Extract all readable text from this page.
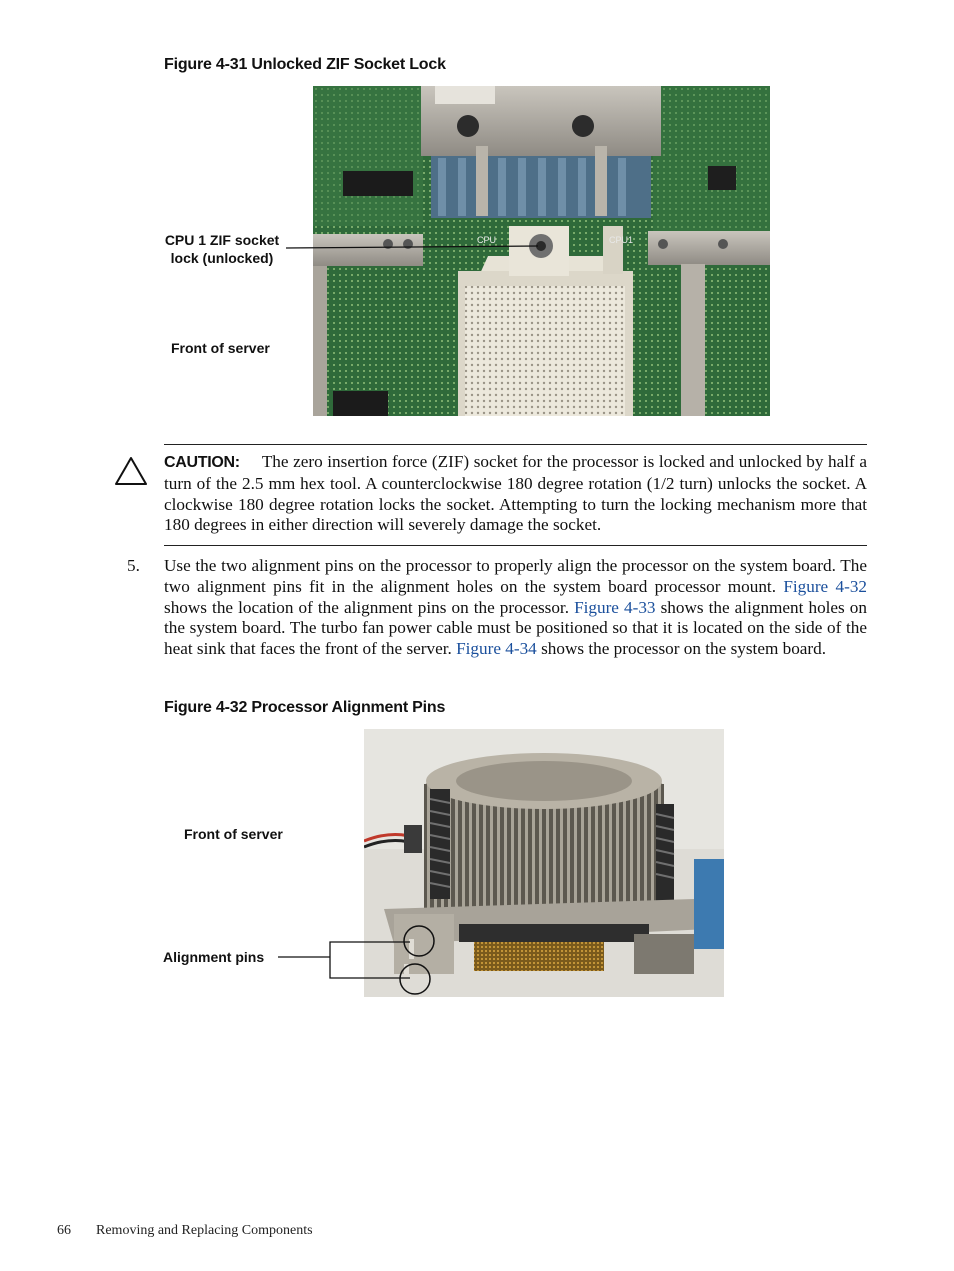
Figure 4-31 Unlocked ZIF Socket Lock
CPU 1 ZIF socket
lock (unlocked)
Front of server
CPU	CPU1
CAUTION: The zero insertion force (ZIF) socket for the processor is locked and unlocked by half a turn of the 2.5 mm hex tool. A counterclockwise 180 degree rotation (1/2 turn) unlocks the socket. A clockwise 180 degree rotation locks the socket. Attempting to turn the locking mechanism more that 180 degrees in either direction will severely damage the socket.
5. Use the two alignment pins on the processor to properly align the processor on the system board. The two alignment pins fit in the alignment holes on the system board processor mount. Figure 4-32 shows the location of the alignment pins on the processor. Figure 4-33 shows the alignment holes on the system board. The turbo fan power cable must be positioned so that it is located on the side of the heat sink that faces the front of the server. Figure 4-34 shows the processor on the system board.
Figure 4-32 Processor Alignment Pins
Front of server
Alignment pins
66 Removing and Replacing Components
